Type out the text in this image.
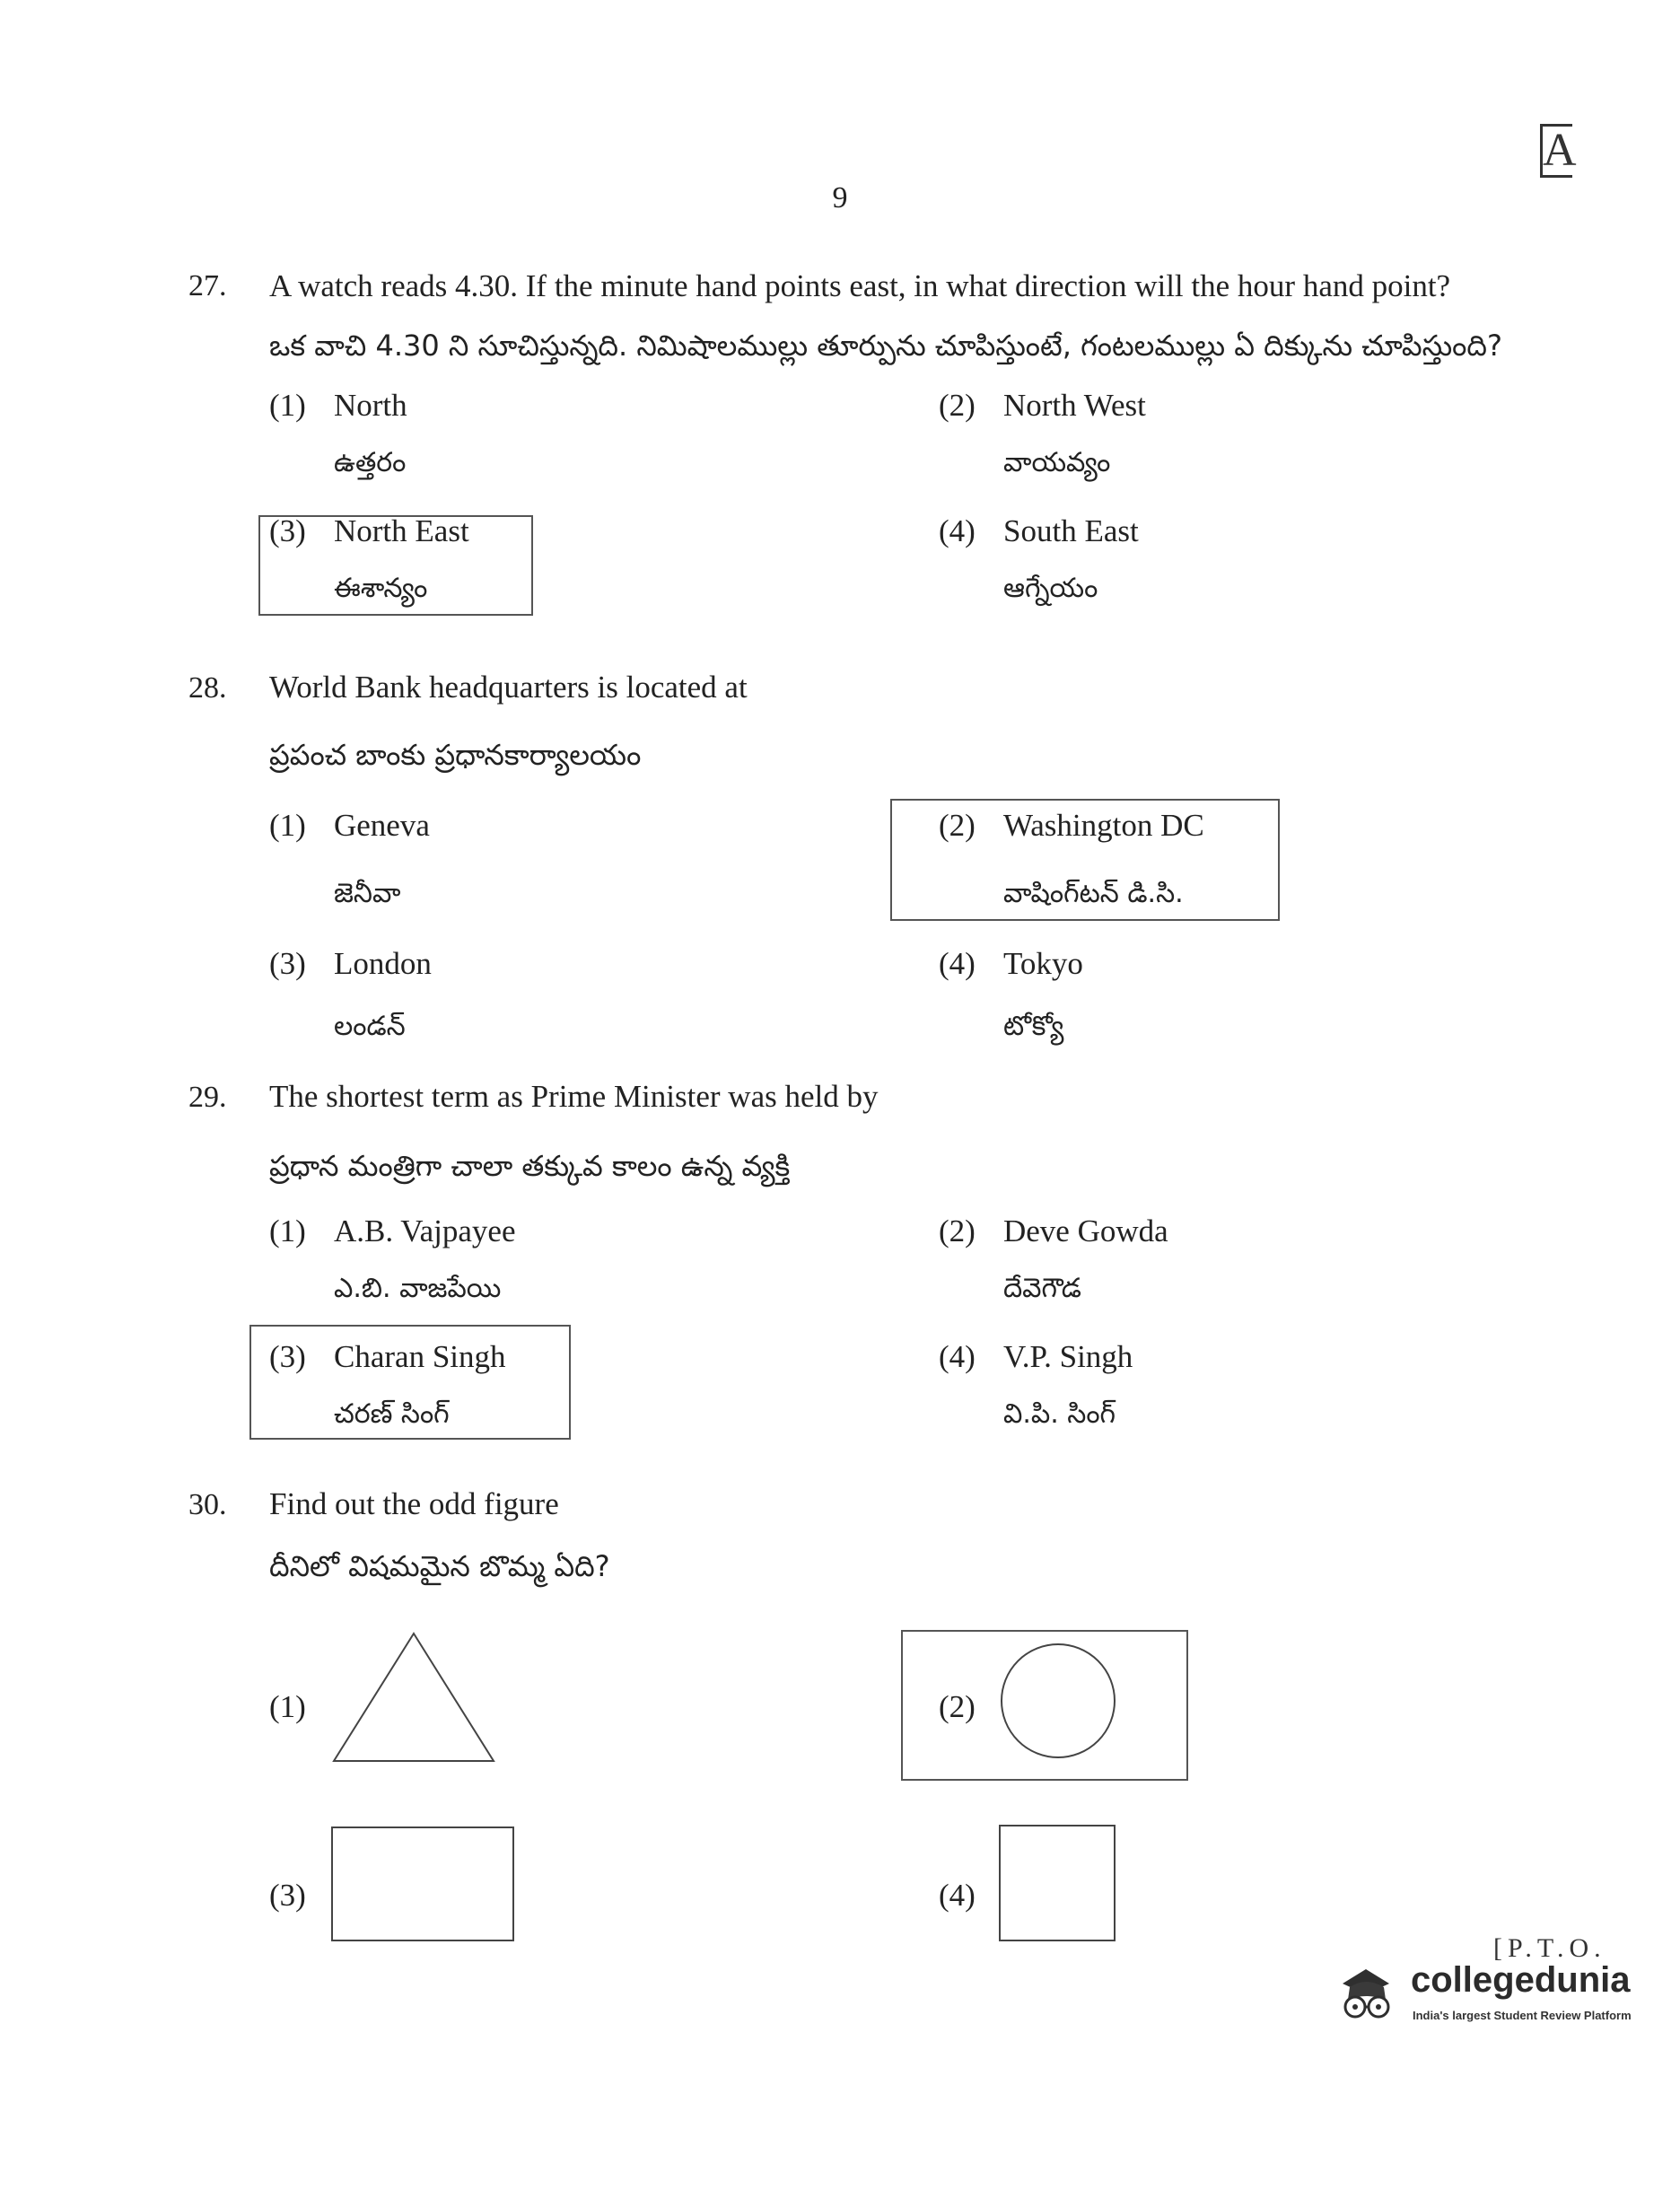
A
9
27. A watch reads 4.30. If the minute hand points east, in what direction will the hour hand point?
ఒక వాచి 4.30 ని సూచిస్తున్నది. నిమిషాలముల్లు తూర్పును చూపిస్తుంటే, గంటలముల్లు ఏ దిక్కును చూపిస్తుంది?
(1) North
ఉత్తరం
(2) North West
వాయవ్యం
(3) North East
ఈశాన్యం
(4) South East
ఆగ్నేయం
28. World Bank headquarters is located at
ప్రపంచ బాంకు ప్రధానకార్యాలయం
(1) Geneva
జెనీవా
(2) Washington DC
వాషింగ్‌టన్ డి.సి.
(3) London
లండన్
(4) Tokyo
టోక్యో
29. The shortest term as Prime Minister was held by
ప్రధాన మంత్రిగా చాలా తక్కువ కాలం ఉన్న వ్యక్తి
(1) A.B. Vajpayee
ఎ.బి. వాజపేయి
(2) Deve Gowda
దేవెగౌడ
(3) Charan Singh
చరణ్ సింగ్
(4) V.P. Singh
వి.పి. సింగ్
30. Find out the odd figure
దీనిలో విషమమైన బొమ్మ ఏది?
(1)	(2)
(3)	(4)
[P.T.O.
collegedunia
India's largest Student Review Platform
